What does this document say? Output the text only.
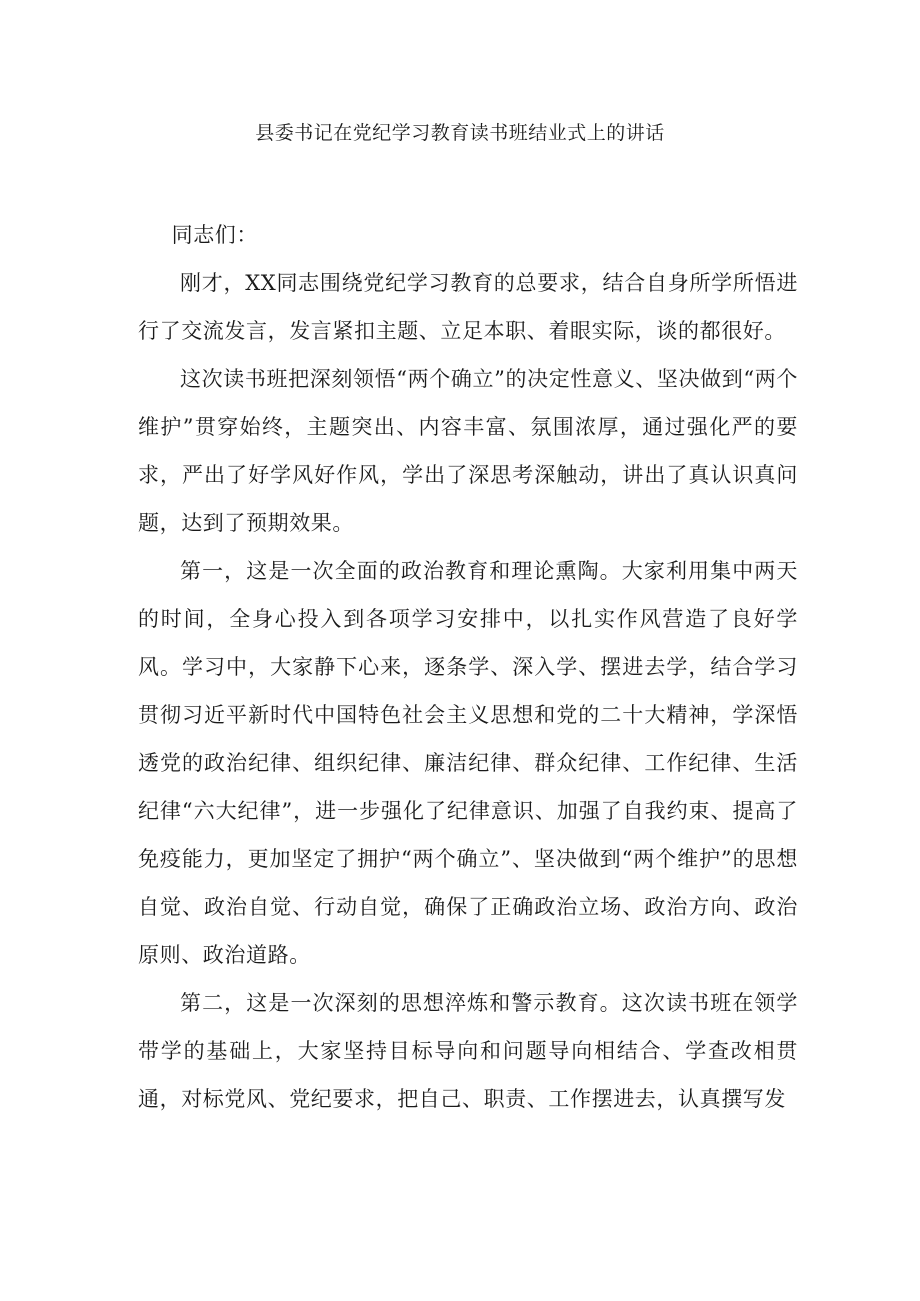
县委书记在党纪学习教育读书班结业式上的讲话

同志们：

刚才，XX同志围绕党纪学习教育的总要求，结合自身所学所悟进行了交流发言，发言紧扣主题、立足本职、着眼实际，谈的都很好。

这次读书班把深刻领悟“两个确立”的决定性意义、坚决做到“两个维护”贯穿始终，主题突出、内容丰富、氛围浓厚，通过强化严的要求，严出了好学风好作风，学出了深思考深触动，讲出了真认识真问题，达到了预期效果。

第一，这是一次全面的政治教育和理论熏陶。大家利用集中两天的时间，全身心投入到各项学习安排中，以扎实作风营造了良好学风。学习中，大家静下心来，逐条学、深入学、摆进去学，结合学习贯彻习近平新时代中国特色社会主义思想和党的二十大精神，学深悟透党的政治纪律、组织纪律、廉洁纪律、群众纪律、工作纪律、生活纪律“六大纪律”，进一步强化了纪律意识、加强了自我约束、提高了免疫能力，更加坚定了拥护“两个确立”、坚决做到“两个维护”的思想自觉、政治自觉、行动自觉，确保了正确政治立场、政治方向、政治原则、政治道路。

第二，这是一次深刻的思想淬炼和警示教育。这次读书班在领学带学的基础上，大家坚持目标导向和问题导向相结合、学查改相贯通，对标党风、党纪要求，把自己、职责、工作摆进去，认真撰写发
